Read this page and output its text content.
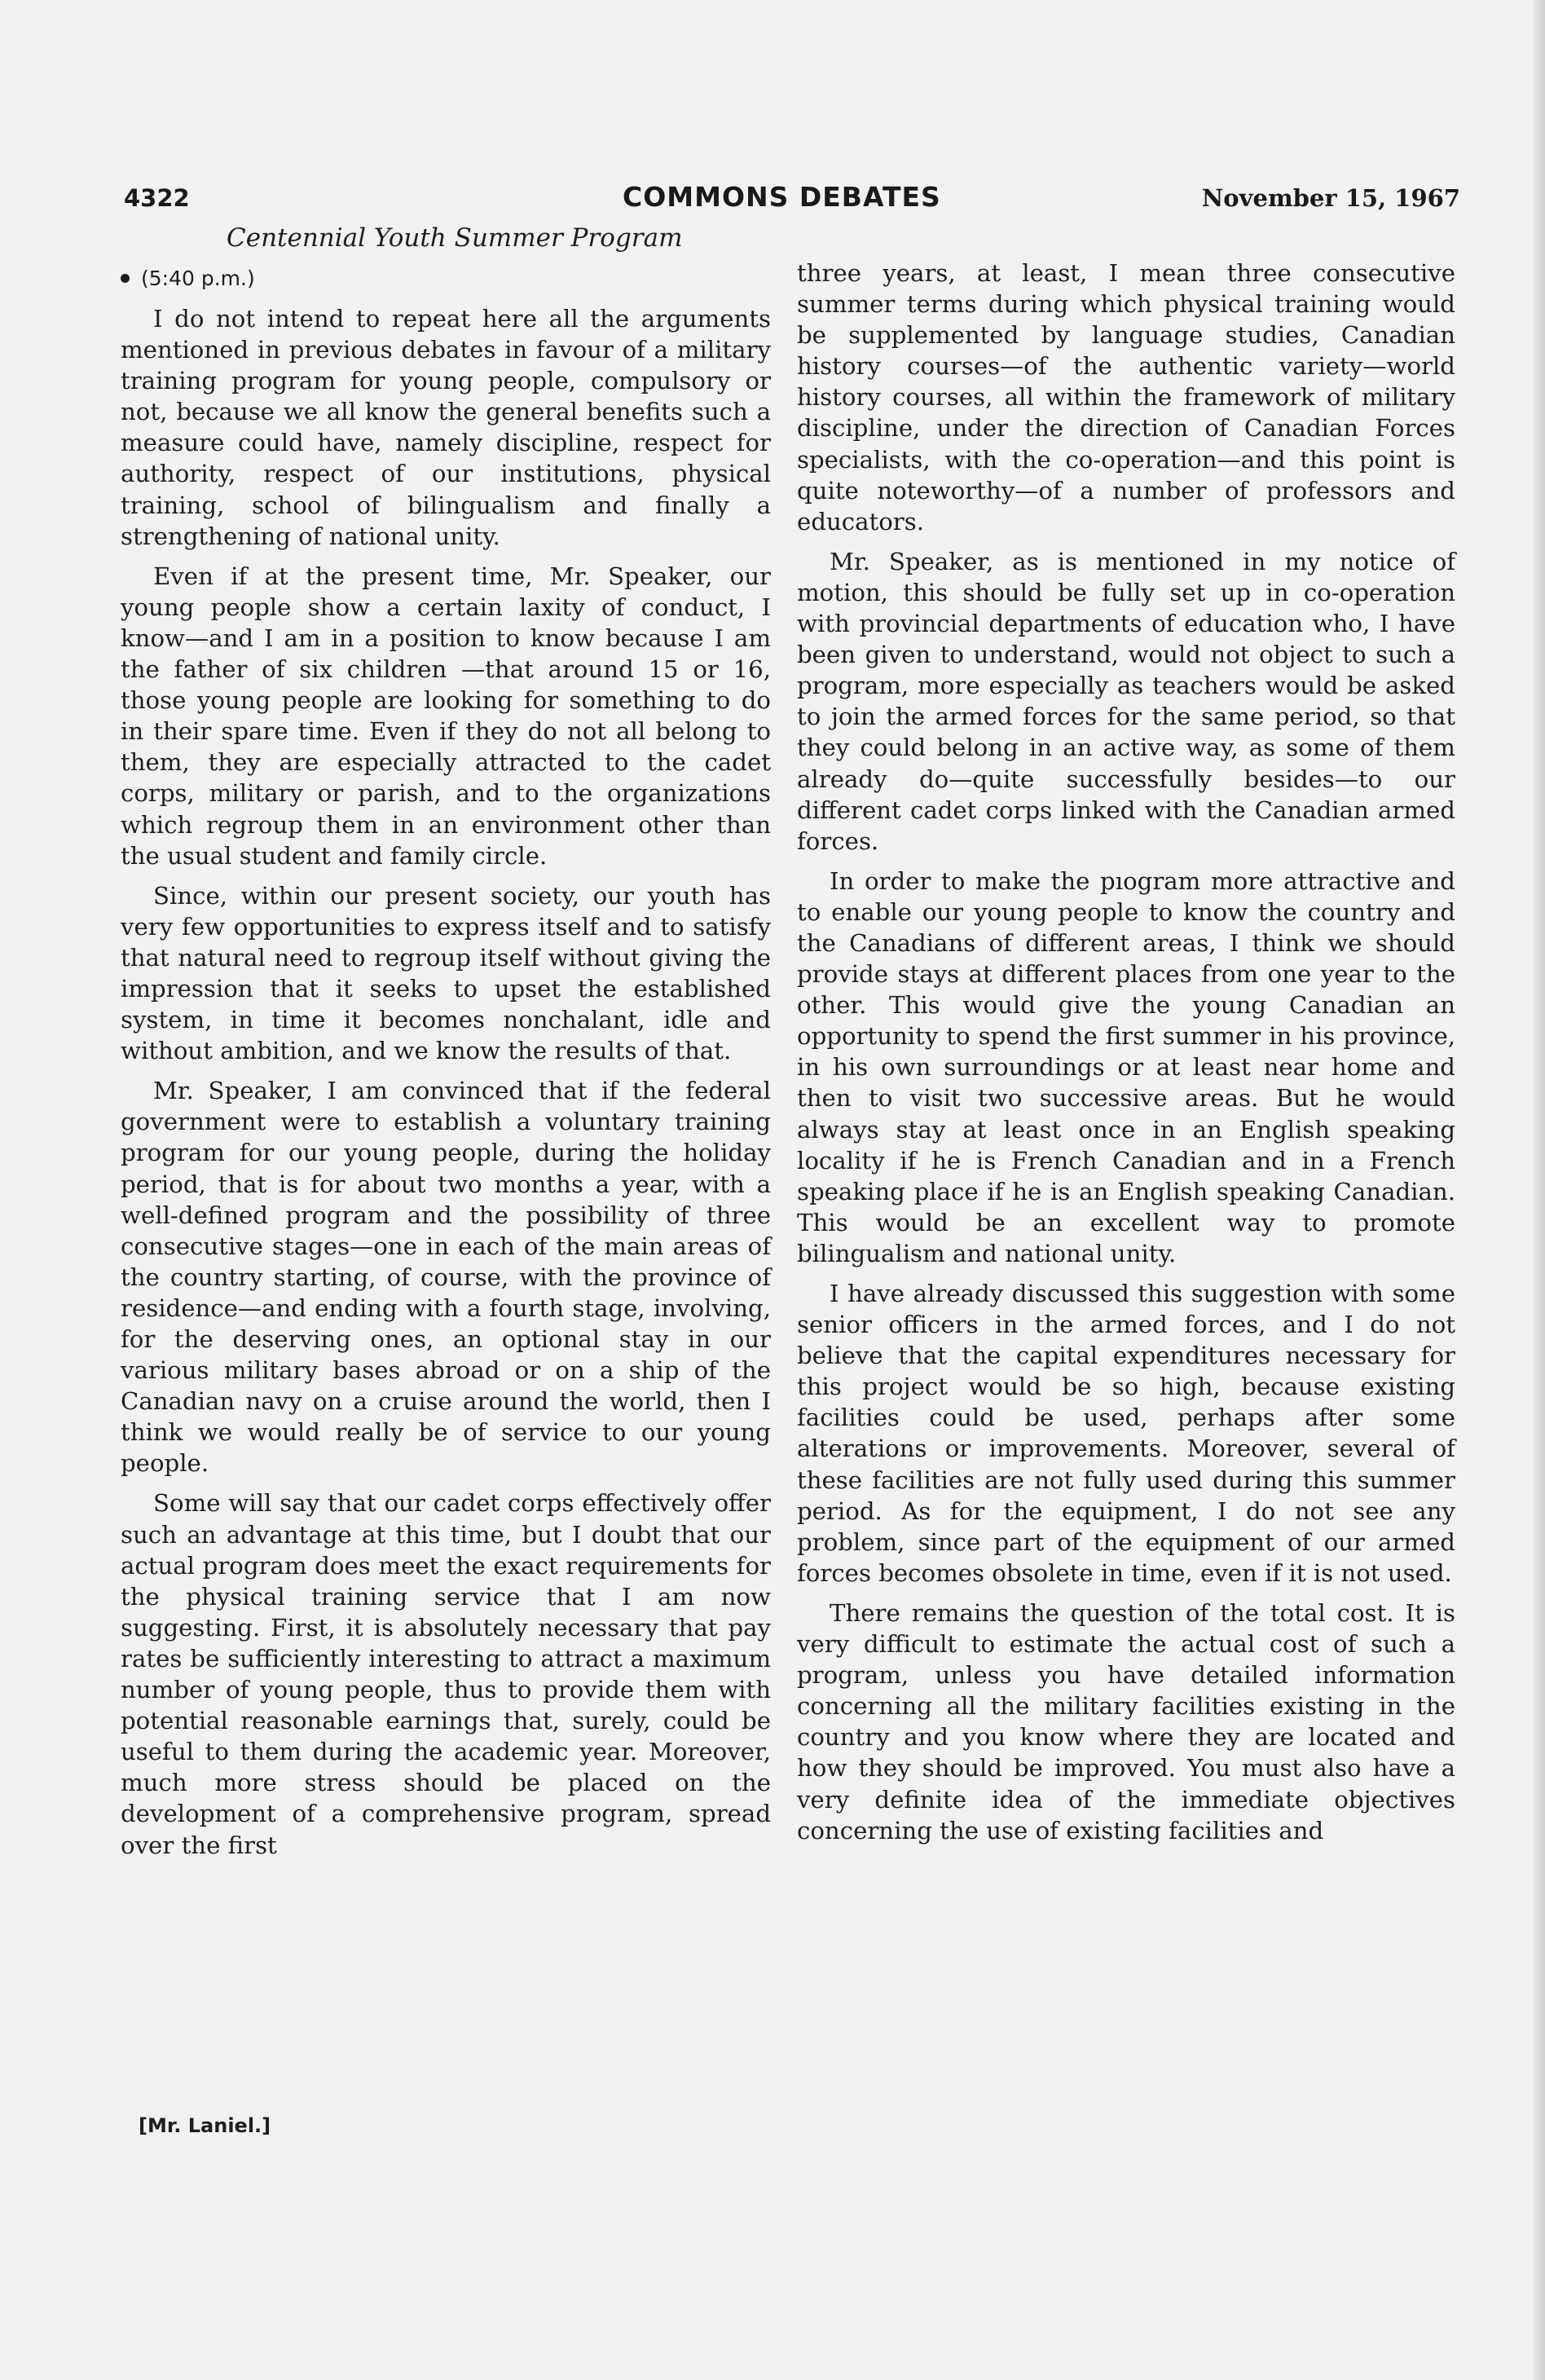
4322	COMMONS DEBATES	November 15, 1967

Centennial Youth Summer Program

(5:40 p.m.)

I do not intend to repeat here all the arguments mentioned in previous debates in favour of a military training program for young people, compulsory or not, because we all know the general benefits such a measure could have, namely discipline, respect for authority, respect of our institutions, physical training, school of bilingualism and finally a strengthening of national unity.

Even if at the present time, Mr. Speaker, our young people show a certain laxity of conduct, I know—and I am in a position to know because I am the father of six children —that around 15 or 16, those young people are looking for something to do in their spare time. Even if they do not all belong to them, they are especially attracted to the cadet corps, military or parish, and to the organizations which regroup them in an environment other than the usual student and family circle.

Since, within our present society, our youth has very few opportunities to express itself and to satisfy that natural need to regroup itself without giving the impression that it seeks to upset the established system, in time it becomes nonchalant, idle and without ambition, and we know the results of that.

Mr. Speaker, I am convinced that if the federal government were to establish a voluntary training program for our young people, during the holiday period, that is for about two months a year, with a well-defined program and the possibility of three consecutive stages—one in each of the main areas of the country starting, of course, with the province of residence—and ending with a fourth stage, involving, for the deserving ones, an optional stay in our various military bases abroad or on a ship of the Canadian navy on a cruise around the world, then I think we would really be of service to our young people.

Some will say that our cadet corps effectively offer such an advantage at this time, but I doubt that our actual program does meet the exact requirements for the physical training service that I am now suggesting. First, it is absolutely necessary that pay rates be sufficiently interesting to attract a maximum number of young people, thus to provide them with potential reasonable earnings that, surely, could be useful to them during the academic year. Moreover, much more stress should be placed on the development of a comprehensive program, spread over the first

[Mr. Laniel.]

three years, at least, I mean three consecutive summer terms during which physical training would be supplemented by language studies, Canadian history courses—of the authentic variety—world history courses, all within the framework of military discipline, under the direction of Canadian Forces specialists, with the co-operation—and this point is quite noteworthy—of a number of professors and educators.

Mr. Speaker, as is mentioned in my notice of motion, this should be fully set up in co-operation with provincial departments of education who, I have been given to understand, would not object to such a program, more especially as teachers would be asked to join the armed forces for the same period, so that they could belong in an active way, as some of them already do—quite successfully besides—to our different cadet corps linked with the Canadian armed forces.

In order to make the pıogram more attractive and to enable our young people to know the country and the Canadians of different areas, I think we should provide stays at different places from one year to the other. This would give the young Canadian an opportunity to spend the first summer in his province, in his own surroundings or at least near home and then to visit two successive areas. But he would always stay at least once in an English speaking locality if he is French Canadian and in a French speaking place if he is an English speaking Canadian. This would be an excellent way to promote bilingualism and national unity.

I have already discussed this suggestion with some senior officers in the armed forces, and I do not believe that the capital expenditures necessary for this project would be so high, because existing facilities could be used, perhaps after some alterations or improvements. Moreover, several of these facilities are not fully used during this summer period. As for the equipment, I do not see any problem, since part of the equipment of our armed forces becomes obsolete in time, even if it is not used.

There remains the question of the total cost. It is very difficult to estimate the actual cost of such a program, unless you have detailed information concerning all the military facilities existing in the country and you know where they are located and how they should be improved. You must also have a very definite idea of the immediate objectives concerning the use of existing facilities and
